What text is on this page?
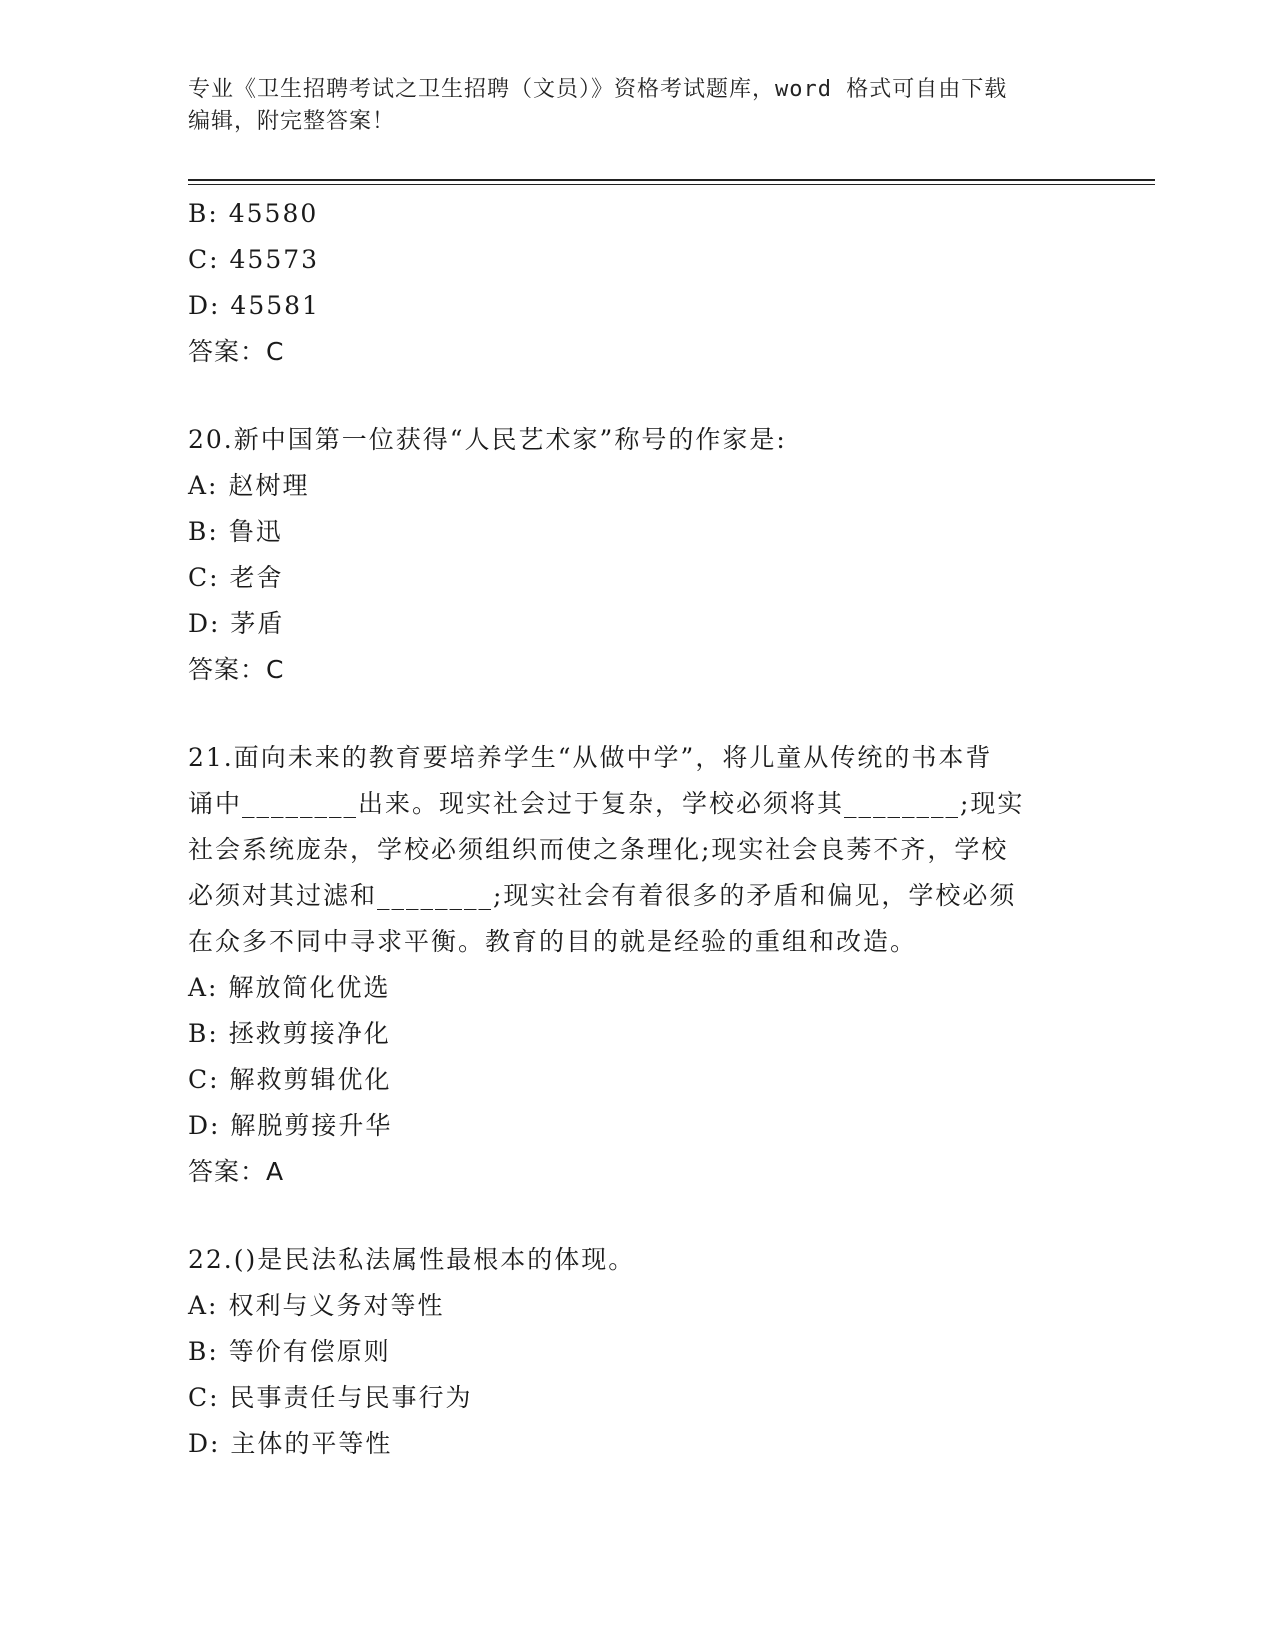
专业《卫生招聘考试之卫生招聘（文员）》资格考试题库，word 格式可自由下载
编辑，附完整答案！
B: 45580
C: 45573
D: 45581
答案：C
20.新中国第一位获得“人民艺术家”称号的作家是:
A: 赵树理
B: 鲁迅
C: 老舍
D: 茅盾
答案：C
21.面向未来的教育要培养学生“从做中学”，将儿童从传统的书本背
诵中________出来。现实社会过于复杂，学校必须将其________;现实
社会系统庞杂，学校必须组织而使之条理化;现实社会良莠不齐，学校
必须对其过滤和________;现实社会有着很多的矛盾和偏见，学校必须
在众多不同中寻求平衡。教育的目的就是经验的重组和改造。
A: 解放简化优选
B: 拯救剪接净化
C: 解救剪辑优化
D: 解脱剪接升华
答案：A
22.()是民法私法属性最根本的体现。
A: 权利与义务对等性
B: 等价有偿原则
C: 民事责任与民事行为
D: 主体的平等性
